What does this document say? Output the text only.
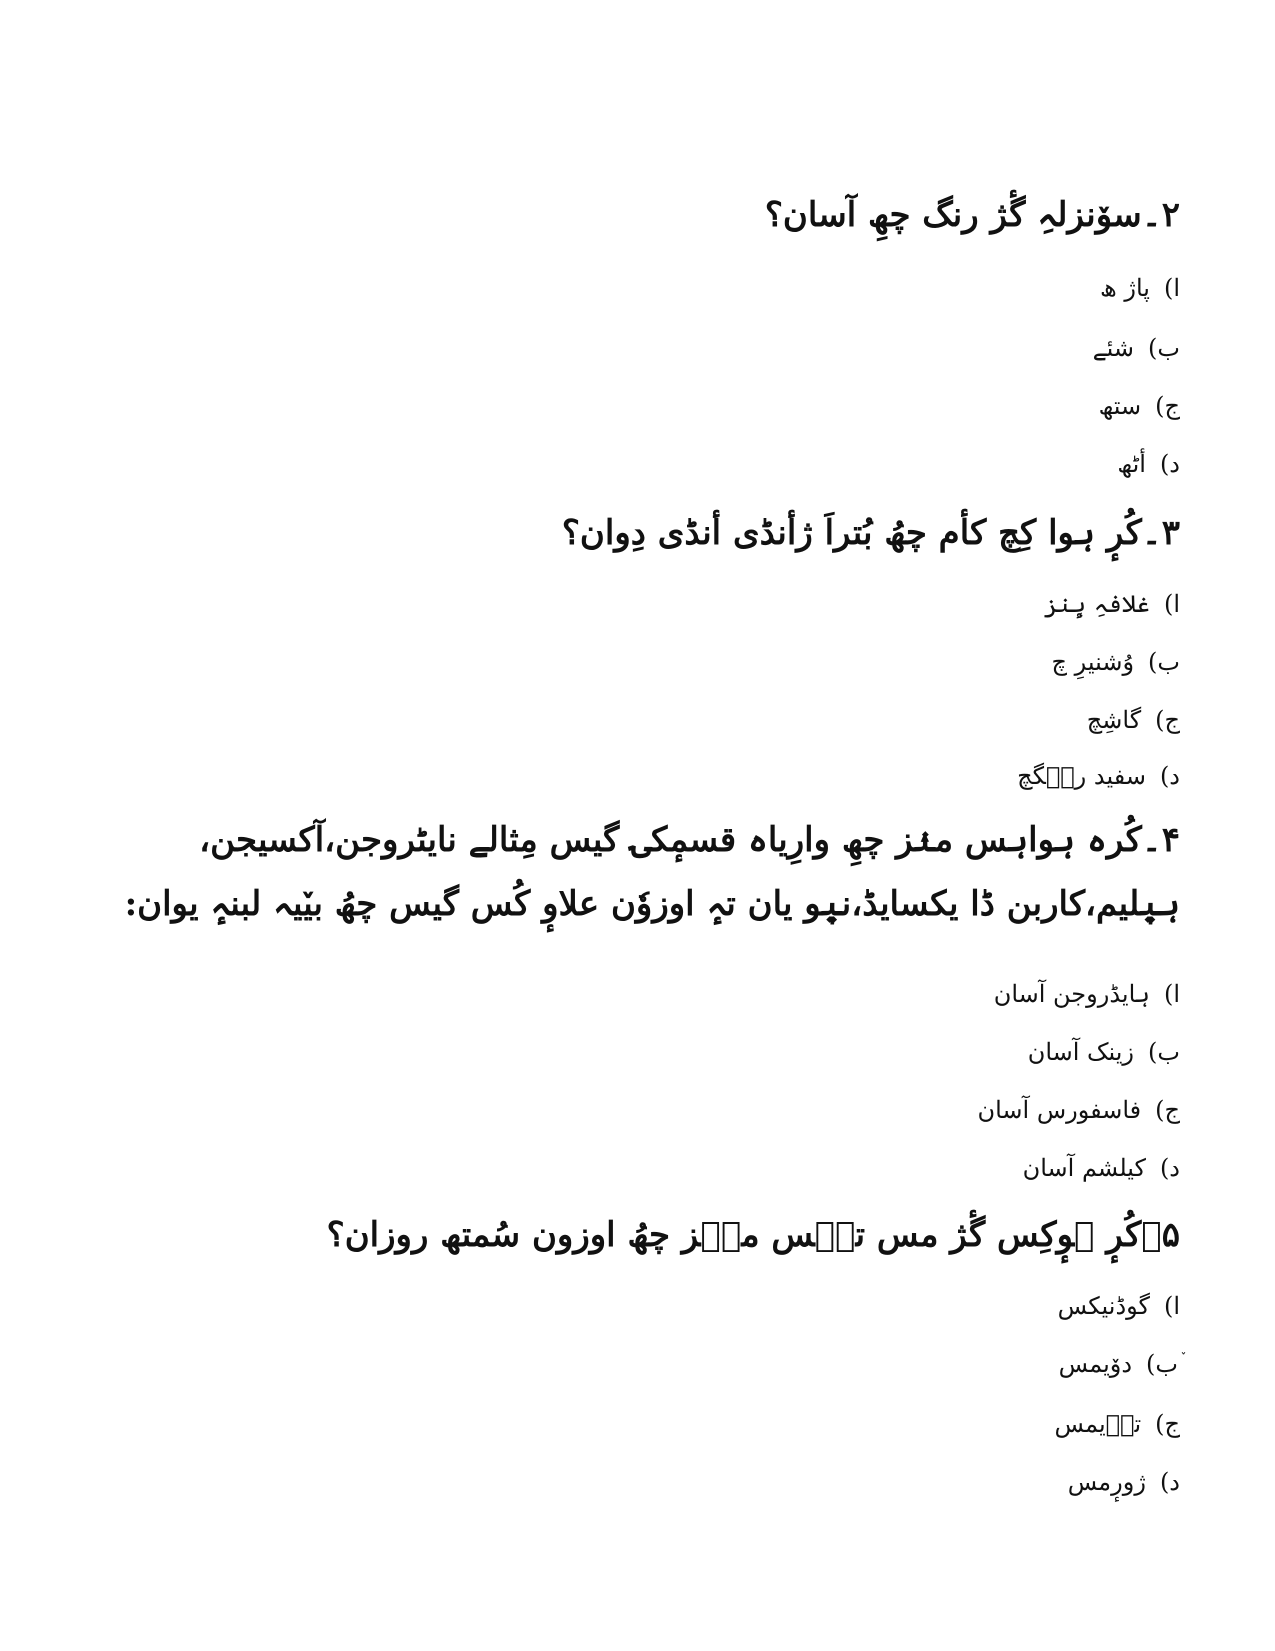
۲۔سوٚنزلہِ گٔژ رنگ چھِ آسان؟
ا)پاژ ھ
ب)شئے
ج)ستھ
د)أٹھ
۳۔کُرٕ ہوا کِچ کأم چھُ بُتراَ ژأنڈی أنڈی دِوان؟
ا)غلافہِ ہٕنز
ب)وُشنیرِ چ
ج)گاشِچ
د)سفید رنٛگچ
۴۔کُرہ ہواہس منٛز چھِ وارِیاہ قسمٕکۍ گیس مِثالے نایٹروجن،آکسیجن، ہیٖلیم،کاربن ڈا یکسایڈ،نیٖو یان تہٕ اوزوٗن علاوٕ کُس گیس چھُ بیٚیہ لبنہٕ یوان:
ا)ہایڈروجن آسان
ب)زینک آسان
ج)فاسفورس آسان
د)کیلشم آسان
۵۔کُرٕ ہوٕکِس گٔژ مس تہٕس منٛز چھُ اوزون سُمتھ روزان؟
ا)گوڈنیکس
ب)دوٚیمس
ج)ترٛیمس
د)ژورٕمس
